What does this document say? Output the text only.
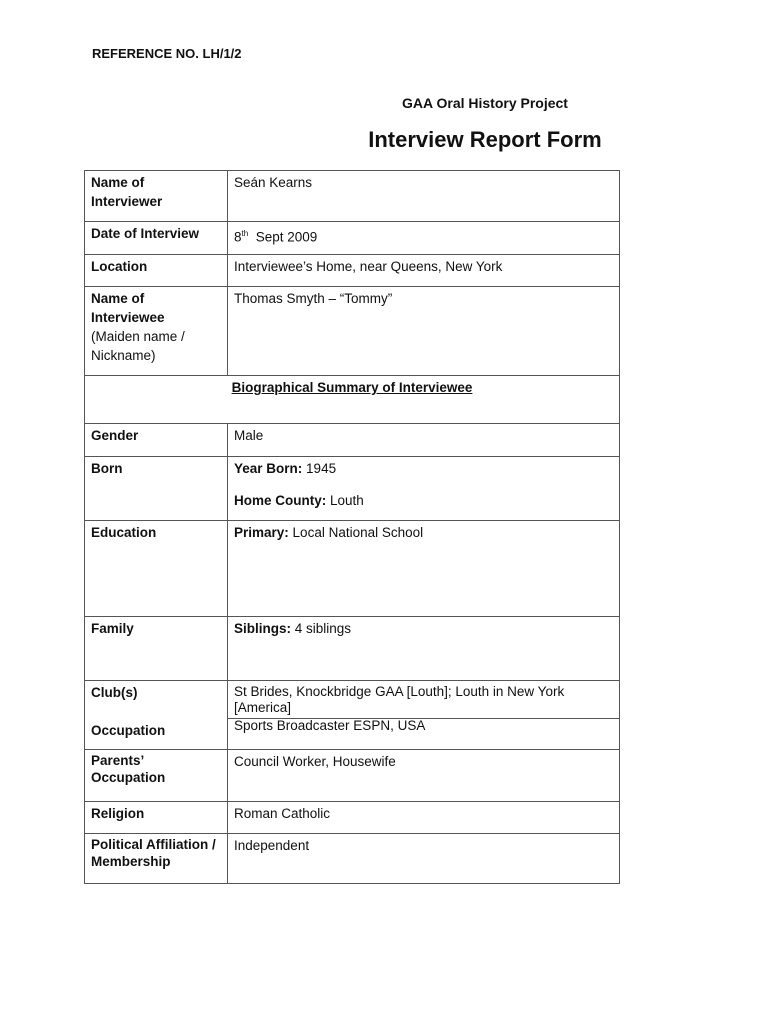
REFERENCE NO. LH/1/2
GAA Oral History Project
Interview Report Form
Name of
Interviewer	Seán Kearns
Date of Interview	8th Sept 2009
Location	Interviewee’s Home, near Queens, New York
Name of
Interviewee
(Maiden name /
Nickname)	Thomas Smyth – “Tommy”
Biographical Summary of Interviewee	
Gender	Male
Born	Year Born: 1945
Home County: Louth
Education	Primary: Local National School
Family	Siblings: 4 siblings
Club(s)	St Brides, Knockbridge GAA [Louth]; Louth in New York [America]
Occupation	Sports Broadcaster ESPN, USA
Parents’
Occupation	Council Worker, Housewife
Religion	Roman Catholic
Political Affiliation /
Membership	Independent
